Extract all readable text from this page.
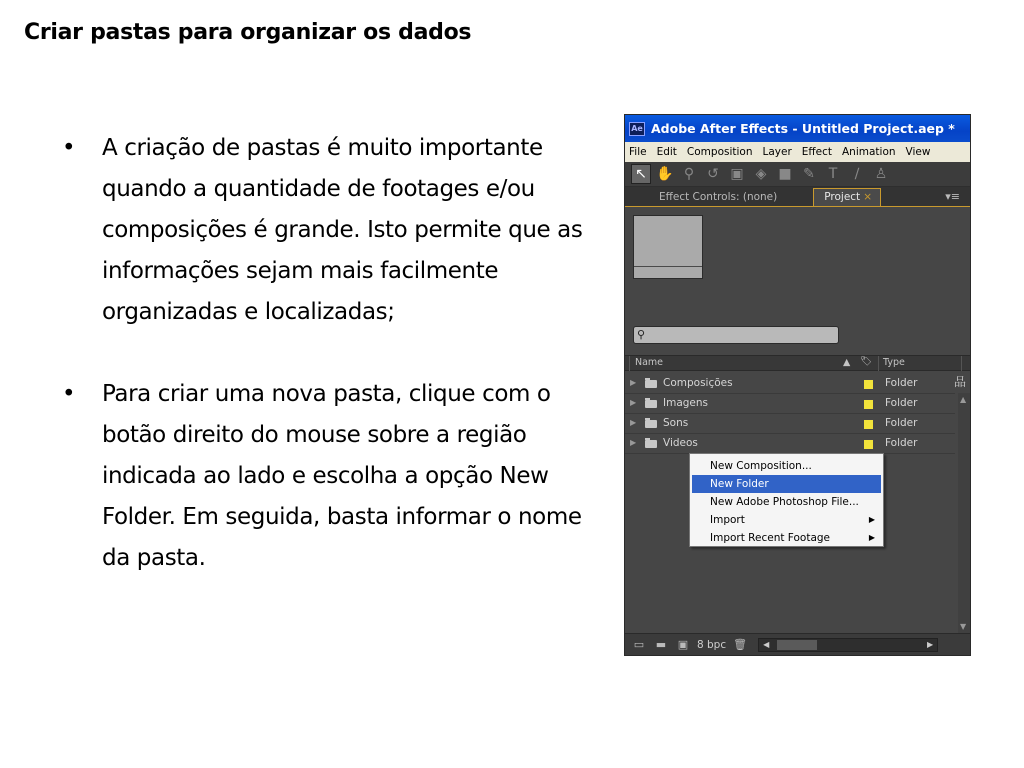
Criar pastas para organizar os dados
• A criação de pastas é muito importante quando a quantidade de footages e/ou composições é grande. Isto permite que as informações sejam mais facilmente organizadas e localizadas;
• Para criar uma nova pasta, clique com o botão direito do mouse sobre a região indicada ao lado e escolha a opção New Folder. Em seguida, basta informar o nome da pasta.
Ae Adobe After Effects - Untitled Project.aep *
File Edit Composition Layer Effect Animation View
↖ ✋ ⚲ ↺ ▣ ◈ ■ ✎ T	∕	♙
Effect Controls: (none)	Project ×	▾≡
⚲
Name	▲ 🏷 Type
▶	Composições	Folder
▶	Imagens	Folder
▶	Sons	Folder
▶	Videos	Folder
品
▲
▼
New Composition...
New Folder
New Adobe Photoshop File...
Import	▶
Import Recent Footage	▶
▭ ▬ ▣ 8 bpc 🗑 ◀	▶
